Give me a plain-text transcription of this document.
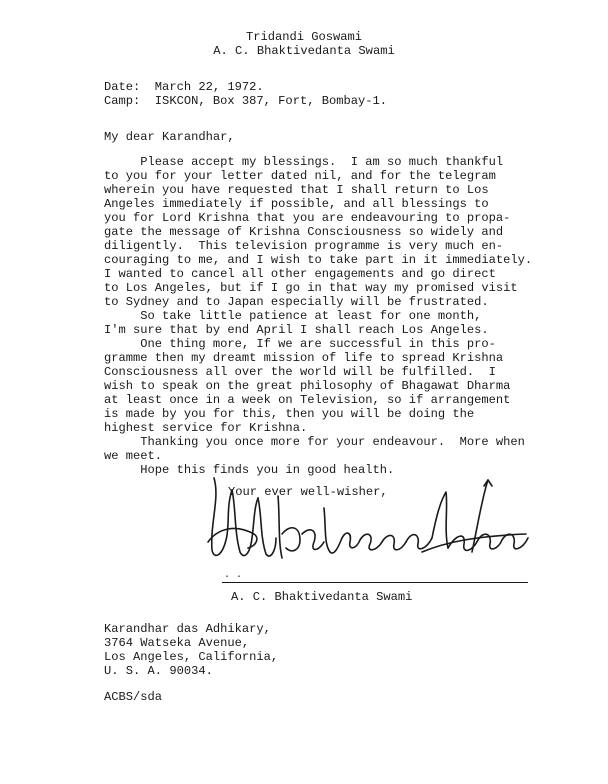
Tridandi Goswami
A. C. Bhaktivedanta Swami
Date:  March 22, 1972.
Camp:  ISKCON, Box 387, Fort, Bombay-1.
My dear Karandhar,
Please accept my blessings.  I am so much thankful
to you for your letter dated nil, and for the telegram
wherein you have requested that I shall return to Los
Angeles immediately if possible, and all blessings to
you for Lord Krishna that you are endeavouring to propa-
gate the message of Krishna Consciousness so widely and
diligently.  This television programme is very much en-
couraging to me, and I wish to take part in it immediately.
I wanted to cancel all other engagements and go direct
to Los Angeles, but if I go in that way my promised visit
to Sydney and to Japan especially will be frustrated.
So take little patience at least for one month,
I'm sure that by end April I shall reach Los Angeles.
One thing more, If we are successful in this pro-
gramme then my dreamt mission of life to spread Krishna
Consciousness all over the world will be fulfilled.  I
wish to speak on the great philosophy of Bhagawat Dharma
at least once in a week on Television, so if arrangement
is made by you for this, then you will be doing the
highest service for Krishna.
Thanking you once more for your endeavour.  More when
we meet.
Hope this finds you in good health.
Your ever well-wisher,
· ·
A. C. Bhaktivedanta Swami
Karandhar das Adhikary,
3764 Watseka Avenue,
Los Angeles, California,
U. S. A. 90034.
ACBS/sda
